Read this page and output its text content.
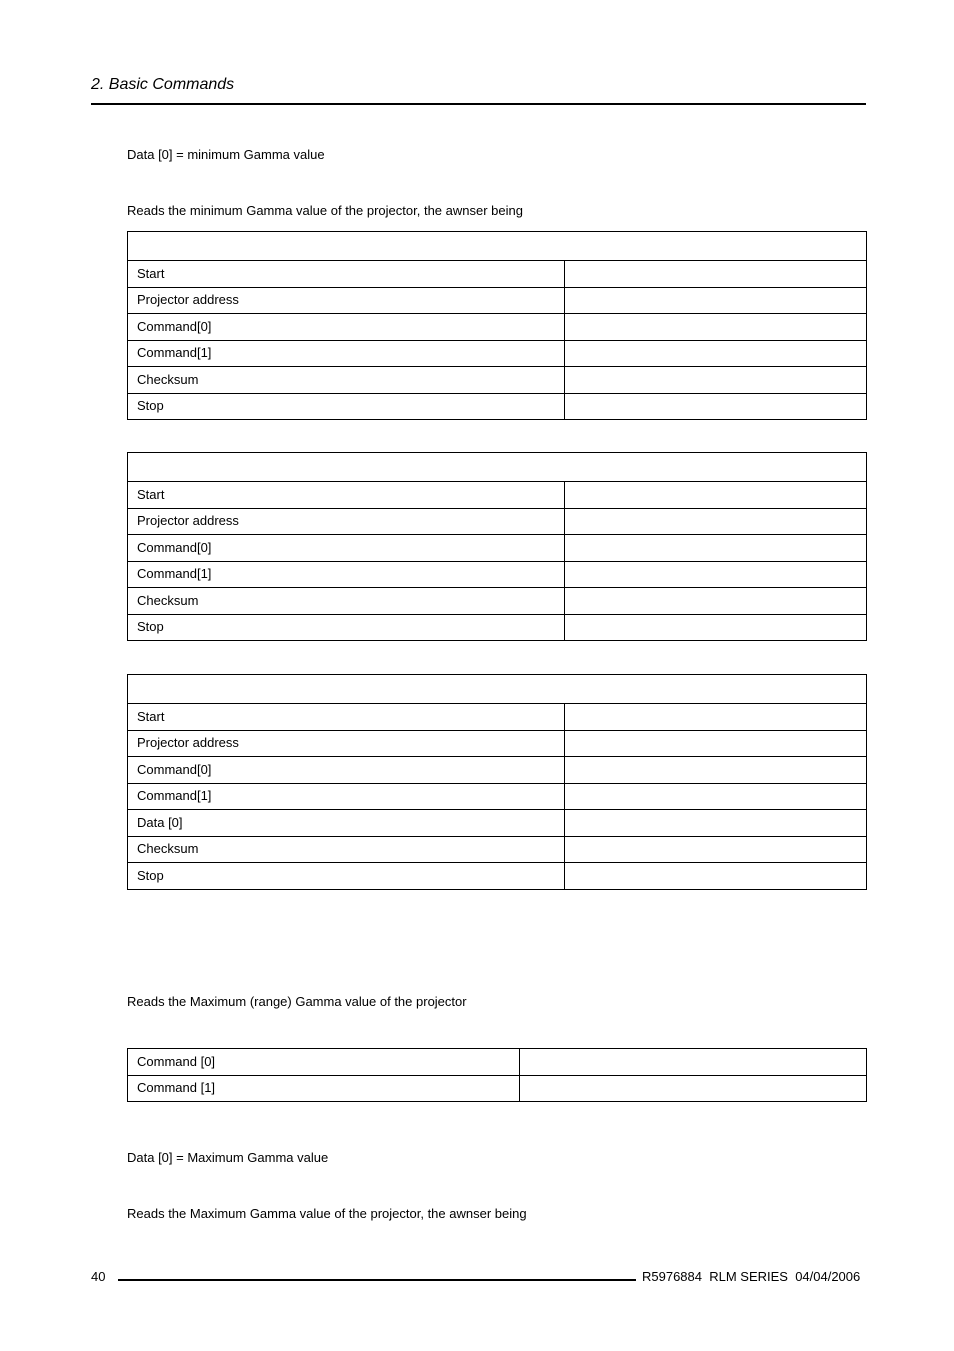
2. Basic Commands
Data [0] = minimum Gamma value
Reads the minimum Gamma value of the projector, the awnser being

Start	
Projector address	
Command[0]	
Command[1]	
Checksum	
Stop	

Start	
Projector address	
Command[0]	
Command[1]	
Checksum	
Stop	

Start	
Projector address	
Command[0]	
Command[1]	
Data [0]	
Checksum	
Stop	
Reads the Maximum (range) Gamma value of the projector
Command [0]	
Command [1]	
Data [0] = Maximum Gamma value
Reads the Maximum Gamma value of the projector, the awnser being
40	R5976884  RLM SERIES  04/04/2006
